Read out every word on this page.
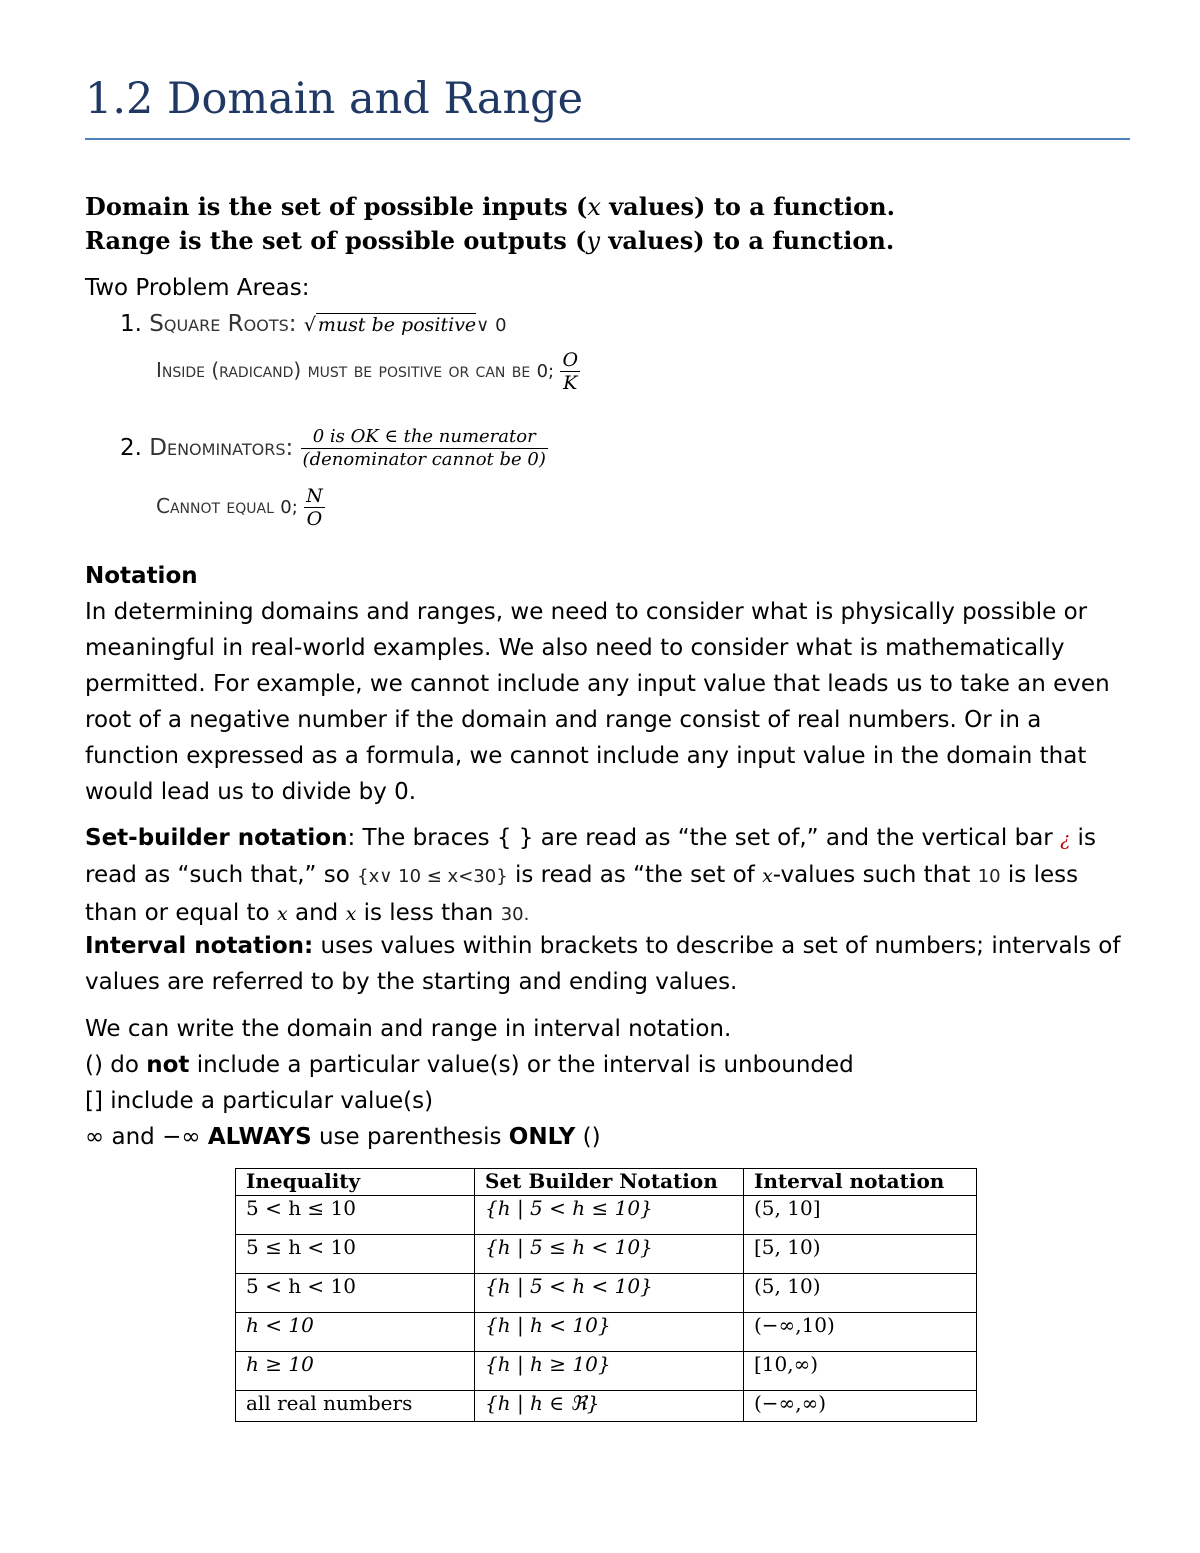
1.2 Domain and Range
Domain is the set of possible inputs (x values) to a function.
Range is the set of possible outputs (y values) to a function.
Two Problem Areas:
1. Square Roots: √ must be positive∨ 0
Inside (radicand) must be positive or can be 0; $\frac{O}{K}$
2. Denominators: $\frac{\text{0 is OK ∈ the numerator}}{\text{(denominator cannot be 0)}}$
Cannot equal 0; $\frac{N}{O}$
Notation
In determining domains and ranges, we need to consider what is physically possible or meaningful in real-world examples. We also need to consider what is mathematically permitted. For example, we cannot include any input value that leads us to take an even root of a negative number if the domain and range consist of real numbers. Or in a function expressed as a formula, we cannot include any input value in the domain that would lead us to divide by 0.
Set-builder notation: The braces { } are read as “the set of,” and the vertical bar ¿ is read as “such that,” so {x∨ 10 ≤ x<30} is read as “the set of x-values such that 10 is less than or equal to x and x is less than 30.
Interval notation: uses values within brackets to describe a set of numbers; intervals of values are referred to by the starting and ending values.
We can write the domain and range in interval notation.
() do not include a particular value(s) or the interval is unbounded
[] include a particular value(s)
∞ and −∞ ALWAYS use parenthesis ONLY ()
Inequality	Set Builder Notation	Interval notation
5 < h ≤ 10	{h | 5 < h ≤ 10}	(5, 10]
5 ≤ h < 10	{h | 5 ≤ h < 10}	[5, 10)
5 < h < 10	{h | 5 < h < 10}	(5, 10)
h < 10	{h | h < 10}	(−∞,10)
h ≥ 10	{h | h ≥ 10}	[10,∞)
all real numbers	{h | h ∈ ℜ}	(−∞,∞)
